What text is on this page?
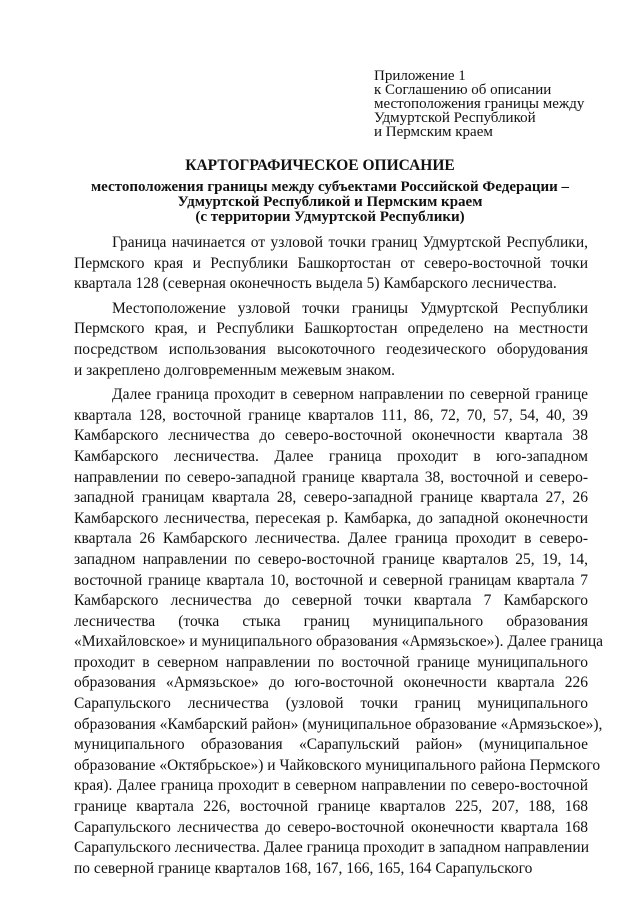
Приложение 1
к Соглашению об описании
местоположения границы между
Удмуртской Республикой
и Пермским краем
КАРТОГРАФИЧЕСКОЕ ОПИСАНИЕ
местоположения границы между субъектами Российской Федерации –
Удмуртской Республикой и Пермским краем
(с территории Удмуртской Республики)
Граница начинается от узловой точки границ Удмуртской Республики,
Пермского края и Республики Башкортостан от северо-восточной точки
квартала 128 (северная оконечность выдела 5) Камбарского лесничества.
Местоположение узловой точки границы Удмуртской Республики
Пермского края, и Республики Башкортостан определено на местности
посредством использования высокоточного геодезического оборудования
и закреплено долговременным межевым знаком.
Далее граница проходит в северном направлении по северной границе
квартала 128, восточной границе кварталов 111, 86, 72, 70, 57, 54, 40, 39
Камбарского лесничества до северо-восточной оконечности квартала 38
Камбарского лесничества. Далее граница проходит в юго-западном
направлении по северо-западной границе квартала 38, восточной и северо-
западной границам квартала 28, северо-западной границе квартала 27, 26
Камбарского лесничества, пересекая р. Камбарка, до западной оконечности
квартала 26 Камбарского лесничества. Далее граница проходит в северо-
западном направлении по северо-восточной границе кварталов 25, 19, 14,
восточной границе квартала 10, восточной и северной границам квартала 7
Камбарского лесничества до северной точки квартала 7 Камбарского
лесничества (точка стыка границ муниципального образования
«Михайловское» и муниципального образования «Армязьское»). Далее граница
проходит в северном направлении по восточной границе муниципального
образования «Армязьское» до юго-восточной оконечности квартала 226
Сарапульского лесничества (узловой точки границ муниципального
образования «Камбарский район» (муниципальное образование «Армязьское»),
муниципального образования «Сарапульский район» (муниципальное
образование «Октябрьское») и Чайковского муниципального района Пермского
края). Далее граница проходит в северном направлении по северо-восточной
границе квартала 226, восточной границе кварталов 225, 207, 188, 168
Сарапульского лесничества до северо-восточной оконечности квартала 168
Сарапульского лесничества. Далее граница проходит в западном направлении
по северной границе кварталов 168, 167, 166, 165, 164 Сарапульского
